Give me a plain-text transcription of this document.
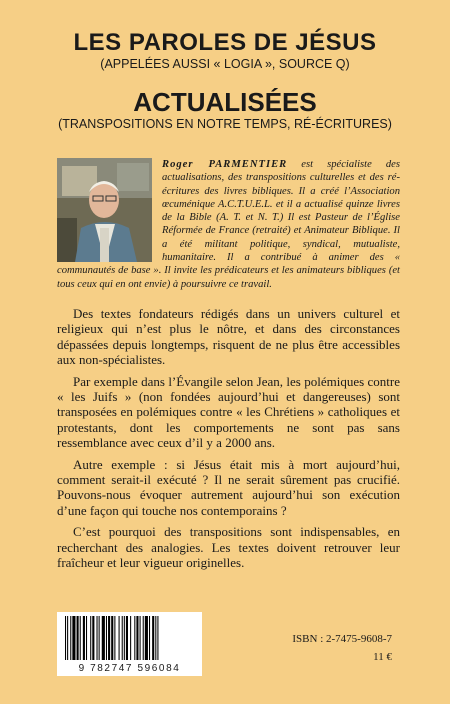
LES PAROLES DE JÉSUS

(APPELÉES AUSSI « LOGIA », SOURCE Q)

ACTUALISÉES

(TRANSPOSITIONS EN NOTRE TEMPS, RÉ-ÉCRITURES)

Roger PARMENTIER est spécialiste des actualisations, des transpositions culturelles et des ré-écritures des livres bibliques. Il a créé l’Association œcuménique A.C.T.U.E.L. et il a actualisé quinze livres de la Bible (A. T. et N. T.) Il est Pasteur de l’Église Réformée de France (retraité) et Animateur Biblique. Il a été militant politique, syndical, mutualiste, humanitaire. Il a contribué à animer des « communautés de base ». Il invite les prédicateurs et les animateurs bibliques (et tous ceux qui en ont envie) à poursuivre ce travail.

Des textes fondateurs rédigés dans un univers culturel et religieux qui n’est plus le nôtre, et dans des circonstances dépassées depuis longtemps, risquent de ne plus être accessibles aux non-spécialistes.

Par exemple dans l’Évangile selon Jean, les polémiques contre « les Juifs » (non fondées aujourd’hui et dangereuses) sont transposées en polémiques contre « les Chrétiens » catholiques et protestants, dont les comportements ne sont pas sans ressemblance avec ceux d’il y a 2000 ans.

Autre exemple : si Jésus était mis à mort aujourd’hui, comment serait-il exécuté ? Il ne serait sûrement pas crucifié. Pouvons-nous évoquer autrement aujourd’hui son exécution d’une façon qui touche nos contemporains ?

C’est pourquoi des transpositions sont indispensables, en recherchant des analogies. Les textes doivent retrouver leur fraîcheur et leur vigueur originelles.

9 782747 596084
ISBN : 2-7475-9608-7
11 €
